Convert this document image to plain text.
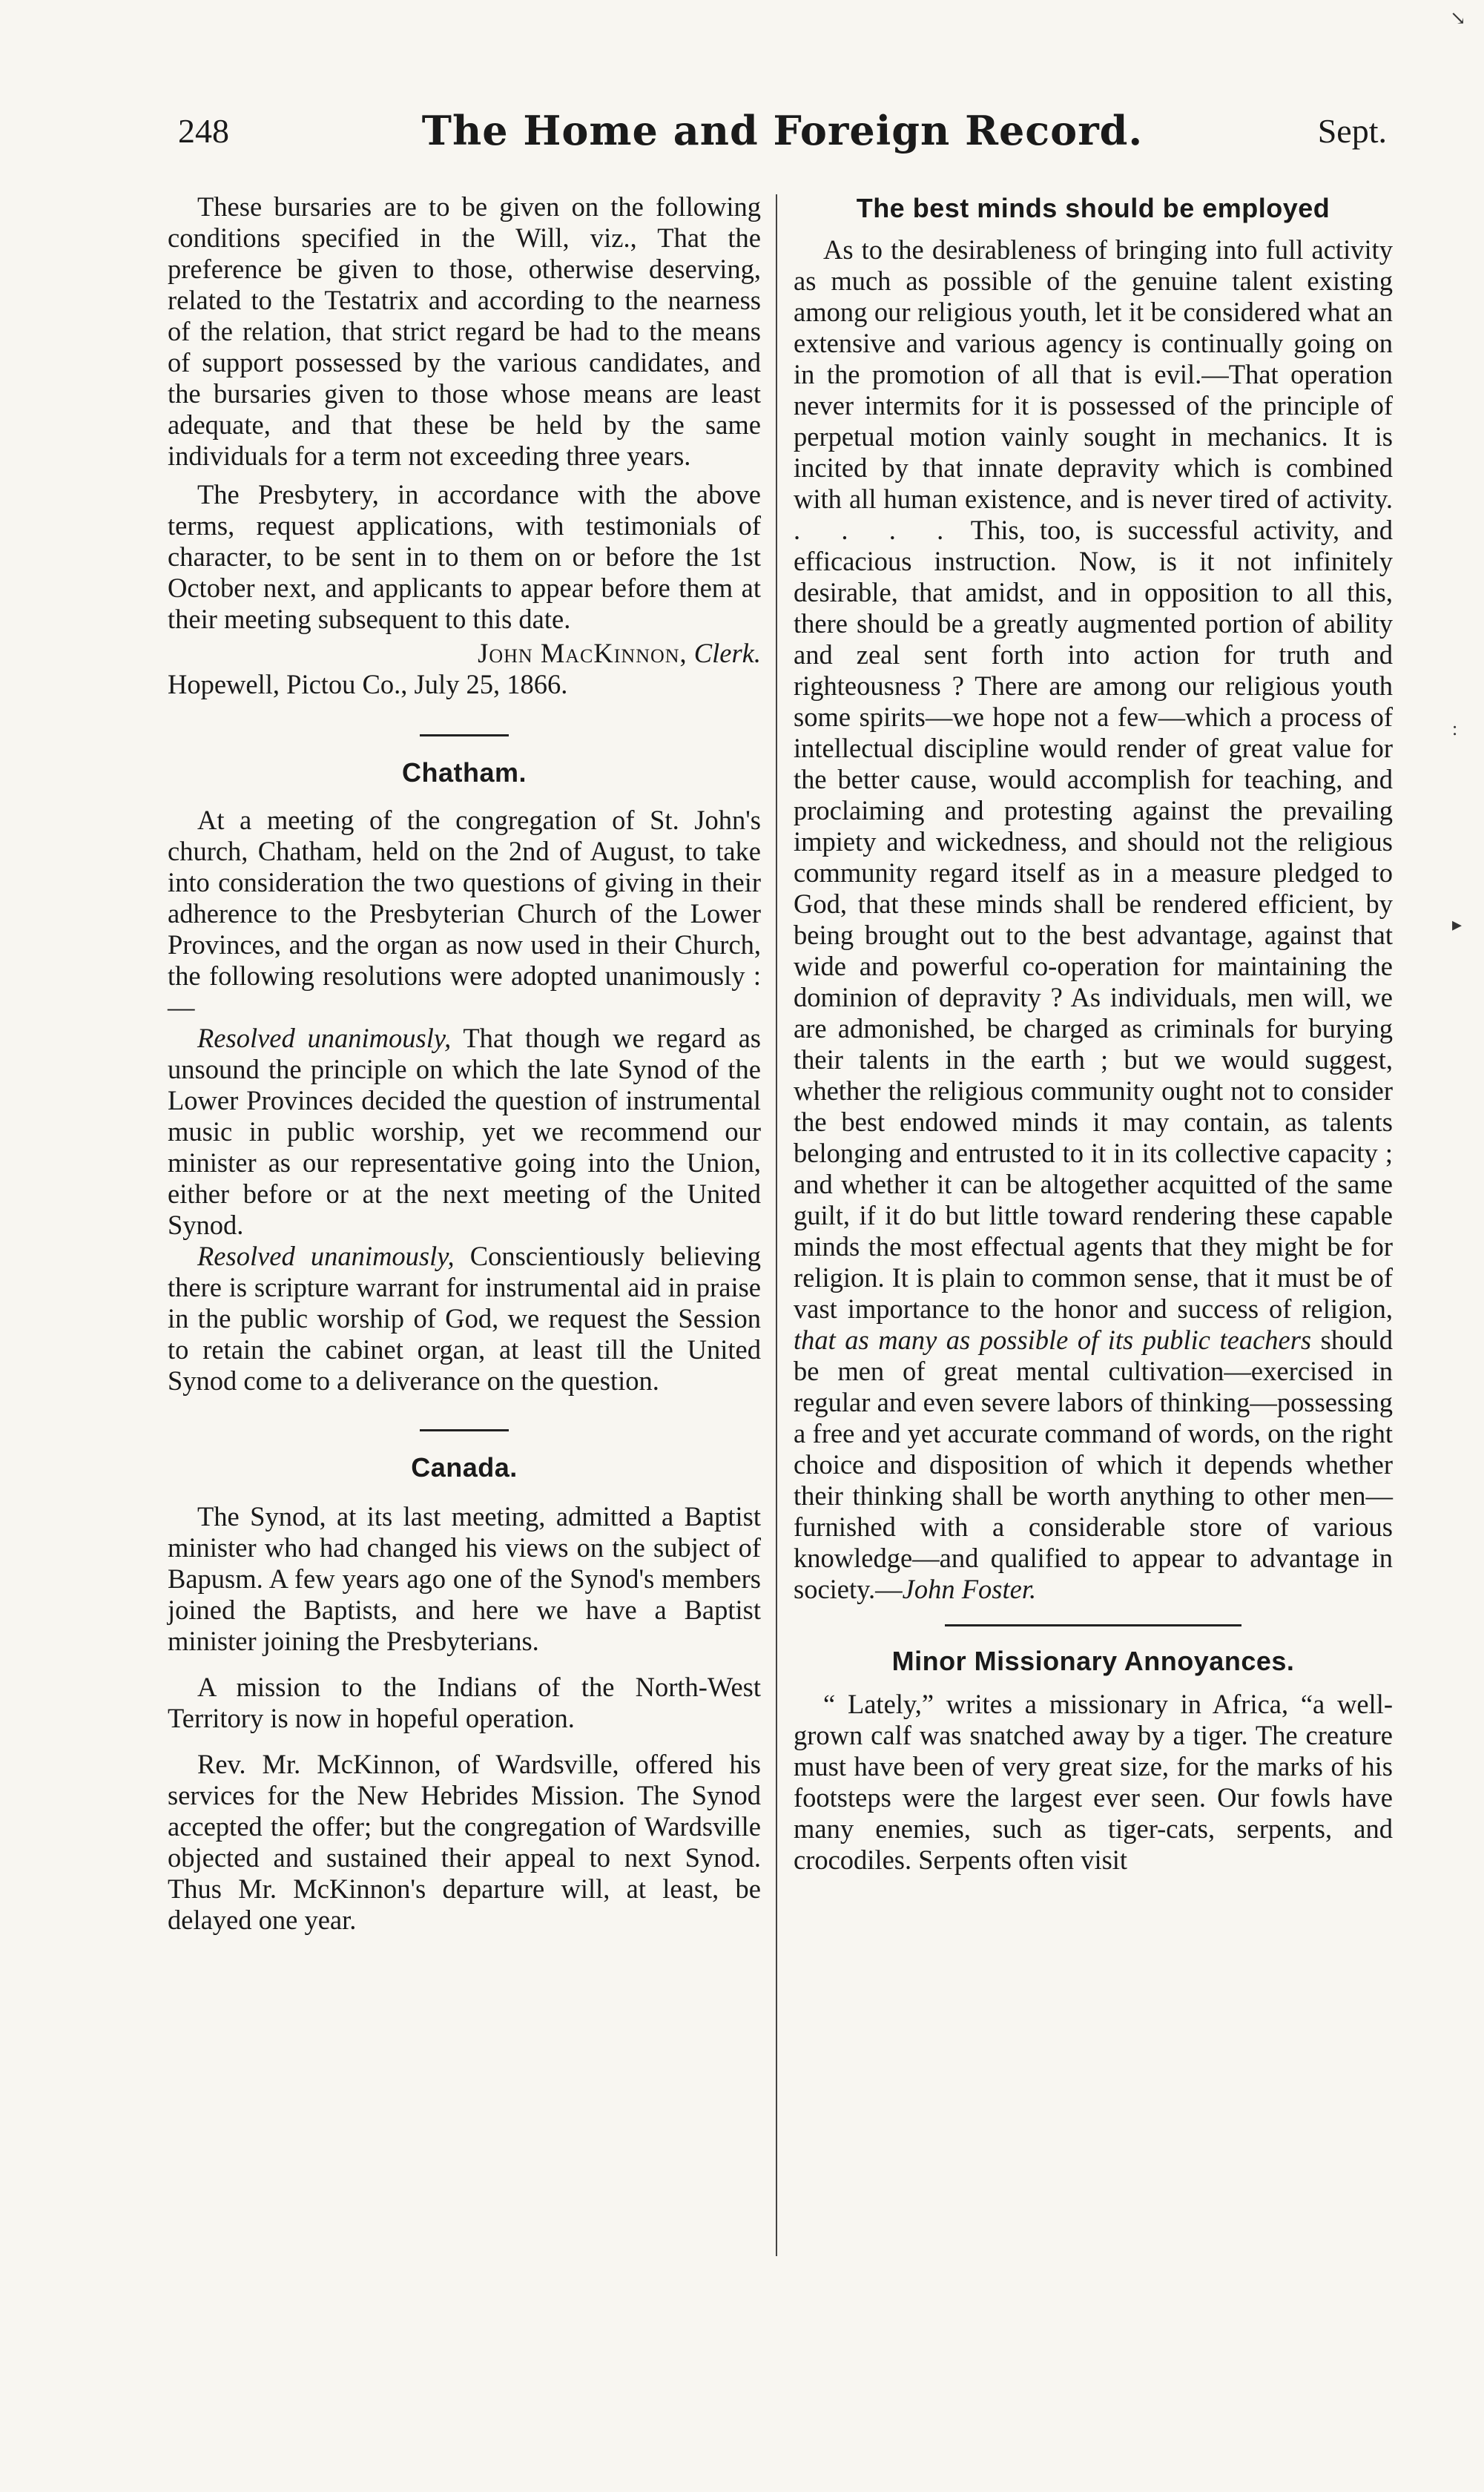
248	The Home and Foreign Record.	Sept.

These bursaries are to be given on the following conditions specified in the Will, viz., That the preference be given to those, otherwise deserving, related to the Testatrix and according to the nearness of the relation, that strict regard be had to the means of support possessed by the various candidates, and the bursaries given to those whose means are least adequate, and that these be held by the same individuals for a term not exceeding three years.

The Presbytery, in accordance with the above terms, request applications, with testimonials of character, to be sent in to them on or before the 1st October next, and applicants to appear before them at their meeting subsequent to this date.

John MacKinnon, Clerk.

Hopewell, Pictou Co., July 25, 1866.

Chatham.

At a meeting of the congregation of St. John's church, Chatham, held on the 2nd of August, to take into consideration the two questions of giving in their adherence to the Presbyterian Church of the Lower Provinces, and the organ as now used in their Church, the following resolutions were adopted unanimously :—

Resolved unanimously, That though we regard as unsound the principle on which the late Synod of the Lower Provinces decided the question of instrumental music in public worship, yet we recommend our minister as our representative going into the Union, either before or at the next meeting of the United Synod.

Resolved unanimously, Conscientiously believing there is scripture warrant for instrumental aid in praise in the public worship of God, we request the Session to retain the cabinet organ, at least till the United Synod come to a deliverance on the question.

Canada.

The Synod, at its last meeting, admitted a Baptist minister who had changed his views on the subject of Bapusm. A few years ago one of the Synod's members joined the Baptists, and here we have a Baptist minister joining the Presbyterians.

A mission to the Indians of the North-West Territory is now in hopeful operation.

Rev. Mr. McKinnon, of Wardsville, offered his services for the New Hebrides Mission. The Synod accepted the offer; but the congregation of Wardsville objected and sustained their appeal to next Synod. Thus Mr. McKinnon's departure will, at least, be delayed one year.

The best minds should be employed

As to the desirableness of bringing into full activity as much as possible of the genuine talent existing among our religious youth, let it be considered what an extensive and various agency is continually going on in the promotion of all that is evil.—That operation never intermits for it is possessed of the principle of perpetual motion vainly sought in mechanics. It is incited by that innate depravity which is combined with all human existence, and is never tired of activity. . . . . This, too, is successful activity, and efficacious instruction. Now, is it not infinitely desirable, that amidst, and in opposition to all this, there should be a greatly augmented portion of ability and zeal sent forth into action for truth and righteousness ? There are among our religious youth some spirits—we hope not a few—which a process of intellectual discipline would render of great value for the better cause, would accomplish for teaching, and proclaiming and protesting against the prevailing impiety and wickedness, and should not the religious community regard itself as in a measure pledged to God, that these minds shall be rendered efficient, by being brought out to the best advantage, against that wide and powerful co-operation for maintaining the dominion of depravity ? As individuals, men will, we are admonished, be charged as criminals for burying their talents in the earth ; but we would suggest, whether the religious community ought not to consider the best endowed minds it may contain, as talents belonging and entrusted to it in its collective capacity ; and whether it can be altogether acquitted of the same guilt, if it do but little toward rendering these capable minds the most effectual agents that they might be for religion. It is plain to common sense, that it must be of vast importance to the honor and success of religion, that as many as possible of its public teachers should be men of great mental cultivation—exercised in regular and even severe labors of thinking—possessing a free and yet accurate command of words, on the right choice and disposition of which it depends whether their thinking shall be worth anything to other men—furnished with a considerable store of various knowledge—and qualified to appear to advantage in society.—John Foster.

Minor Missionary Annoyances.

“ Lately,” writes a missionary in Africa, “a well-grown calf was snatched away by a tiger. The creature must have been of very great size, for the marks of his footsteps were the largest ever seen. Our fowls have many enemies, such as tiger-cats, serpents, and crocodiles. Serpents often visit

↘
:
▸
